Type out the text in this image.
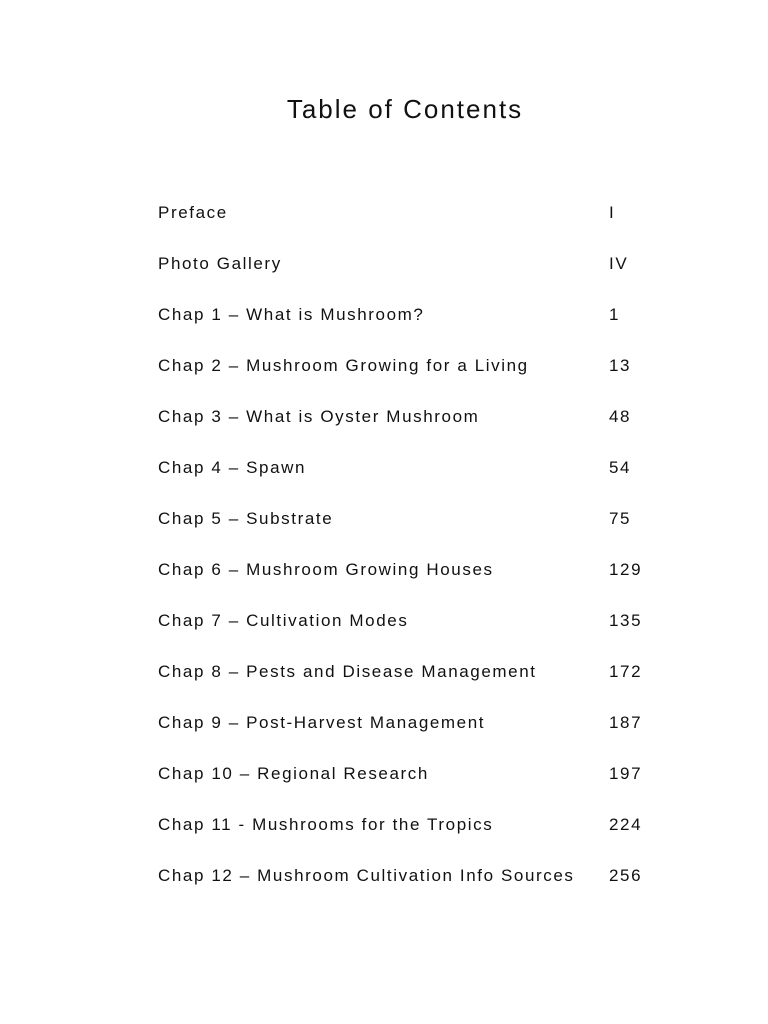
Table of Contents
Preface	I
Photo Gallery	IV
Chap 1 – What is Mushroom?	1
Chap 2 – Mushroom Growing for a Living	13
Chap 3 – What is Oyster Mushroom	48
Chap 4 – Spawn	54
Chap 5 – Substrate	75
Chap 6 – Mushroom Growing Houses	129
Chap 7 – Cultivation Modes	135
Chap 8 – Pests and Disease Management	172
Chap 9 – Post-Harvest Management	187
Chap 10 – Regional Research	197
Chap 11 - Mushrooms for the Tropics	224
Chap 12 – Mushroom Cultivation Info Sources 256
